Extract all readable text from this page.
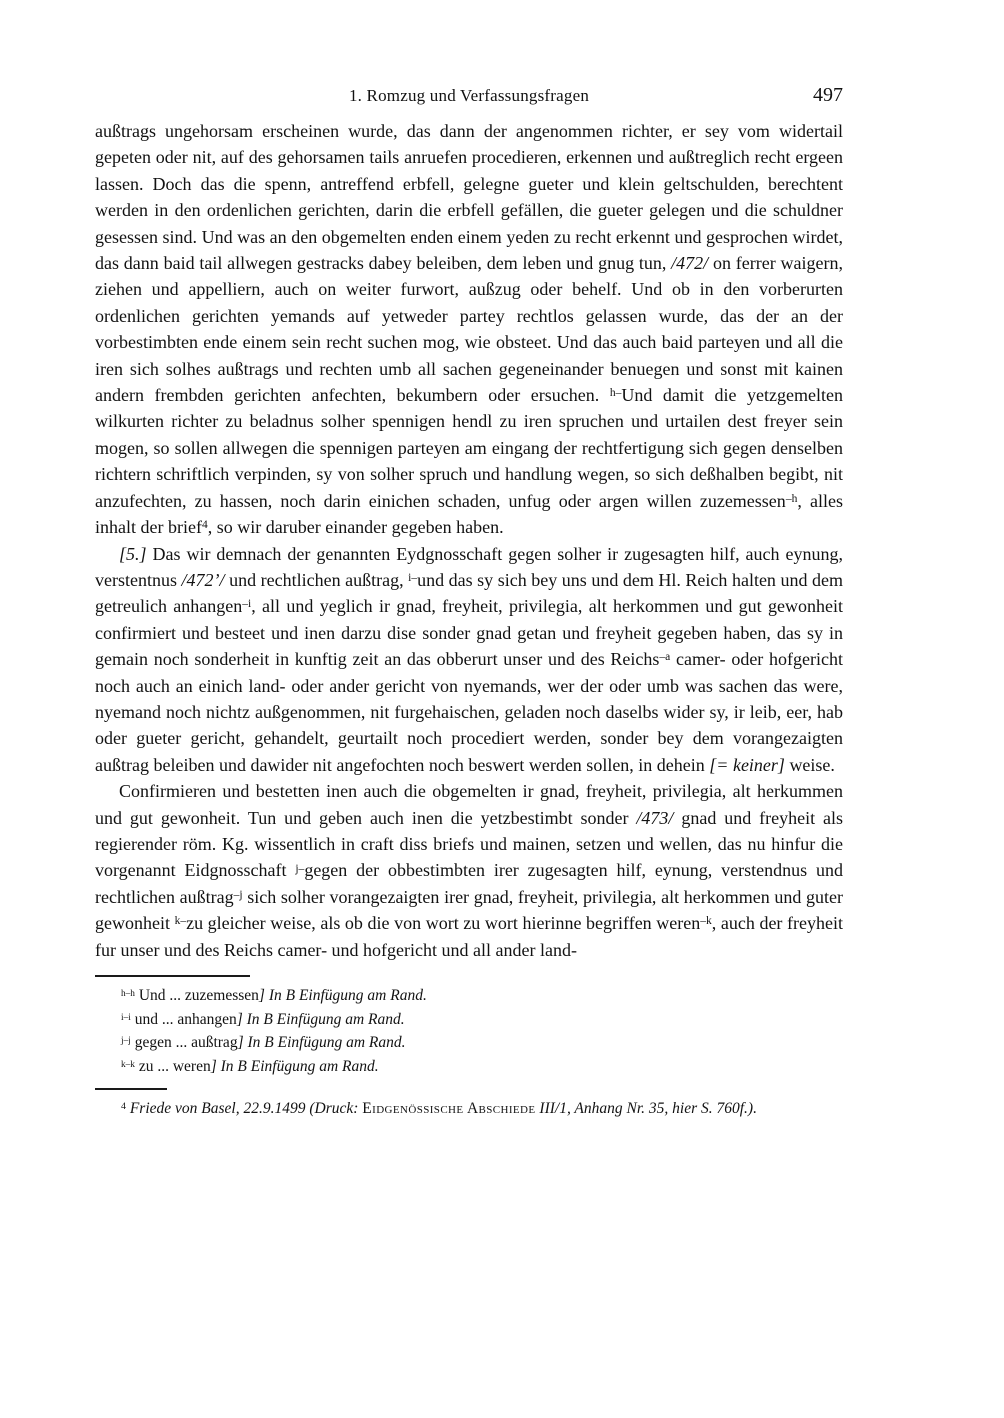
1. Romzug und Verfassungsfragen	497

außtrags ungehorsam erscheinen wurde, das dann der angenommen richter, er sey vom widertail gepeten oder nit, auf des gehorsamen tails anruefen procedieren, erkennen und außtreglich recht ergeen lassen. Doch das die spenn, antreffend erbfell, gelegne gueter und klein geltschulden, berechtent werden in den ordenlichen gerichten, darin die erbfell gefällen, die gueter gelegen und die schuldner gesessen sind. Und was an den obgemelten enden einem yeden zu recht erkennt und gesprochen wirdet, das dann baid tail allwegen gestracks dabey beleiben, dem leben und gnug tun, /472/ on ferrer waigern, ziehen und appelliern, auch on weiter furwort, außzug oder behelf. Und ob in den vorberurten ordenlichen gerichten yemands auf yetweder partey rechtlos gelassen wurde, das der an der vorbestimbten ende einem sein recht suchen mog, wie obsteet. Und das auch baid parteyen und all die iren sich solhes außtrags und rechten umb all sachen gegeneinander benuegen und sonst mit kainen andern frembden gerichten anfechten, bekumbern oder ersuchen. $^{h-}$Und damit die yetzgemelten wilkurten richter zu beladnus solher spennigen hendl zu iren spruchen und urtailen dest freyer sein mogen, so sollen allwegen die spennigen parteyen am eingang der rechtfertigung sich gegen denselben richtern schriftlich verpinden, sy von solher spruch und handlung wegen, so sich deßhalben begibt, nit anzufechten, zu hassen, noch darin einichen schaden, unfug oder argen willen zuzemessen$^{-h}$, alles inhalt der brief$^4$, so wir daruber einander gegeben haben.

[5.] Das wir demnach der genannten Eydgnosschaft gegen solher ir zugesagten hilf, auch eynung, verstentnus /472’/ und rechtlichen außtrag, $^{i-}$und das sy sich bey uns und dem Hl. Reich halten und dem getreulich anhangen$^{-i}$, all und yeglich ir gnad, freyheit, privilegia, alt herkommen und gut gewonheit confirmiert und besteet und inen darzu dise sonder gnad getan und freyheit gegeben haben, das sy in gemain noch sonderheit in kunftig zeit an das obberurt unser und des Reichs$^{-a}$ camer- oder hofgericht noch auch an einich land- oder ander gericht von nyemands, wer der oder umb was sachen das were, nyemand noch nichtz außgenommen, nit furgehaischen, geladen noch daselbs wider sy, ir leib, eer, hab oder gueter gericht, gehandelt, geurtailt noch procediert werden, sonder bey dem vorangezaigten außtrag beleiben und dawider nit angefochten noch beswert werden sollen, in dehein [= keiner] weise.

Confirmieren und bestetten inen auch die obgemelten ir gnad, freyheit, privilegia, alt herkummen und gut gewonheit. Tun und geben auch inen die yetzbestimbt sonder /473/ gnad und freyheit als regierender röm. Kg. wissentlich in craft diss briefs und mainen, setzen und wellen, das nu hinfur die vorgenannt Eidgnosschaft $^{j-}$gegen der obbestimbten irer zugesagten hilf, eynung, verstendnus und rechtlichen außtrag$^{-j}$ sich solher vorangezaigten irer gnad, freyheit, privilegia, alt herkommen und guter gewonheit $^{k-}$zu gleicher weise, als ob die von wort zu wort hierinne begriffen weren$^{-k}$, auch der freyheit fur unser und des Reichs camer- und hofgericht und all ander land-

$^{h-h}$ Und ... zuzemessen] In B Einfügung am Rand.
$^{i-i}$ und ... anhangen] In B Einfügung am Rand.
$^{j-j}$ gegen ... außtrag] In B Einfügung am Rand.
$^{k-k}$ zu ... weren] In B Einfügung am Rand.
$^4$ Friede von Basel, 22.9.1499 (Druck: Eidgenössische Abschiede III/1, Anhang Nr. 35, hier S. 760f.).
